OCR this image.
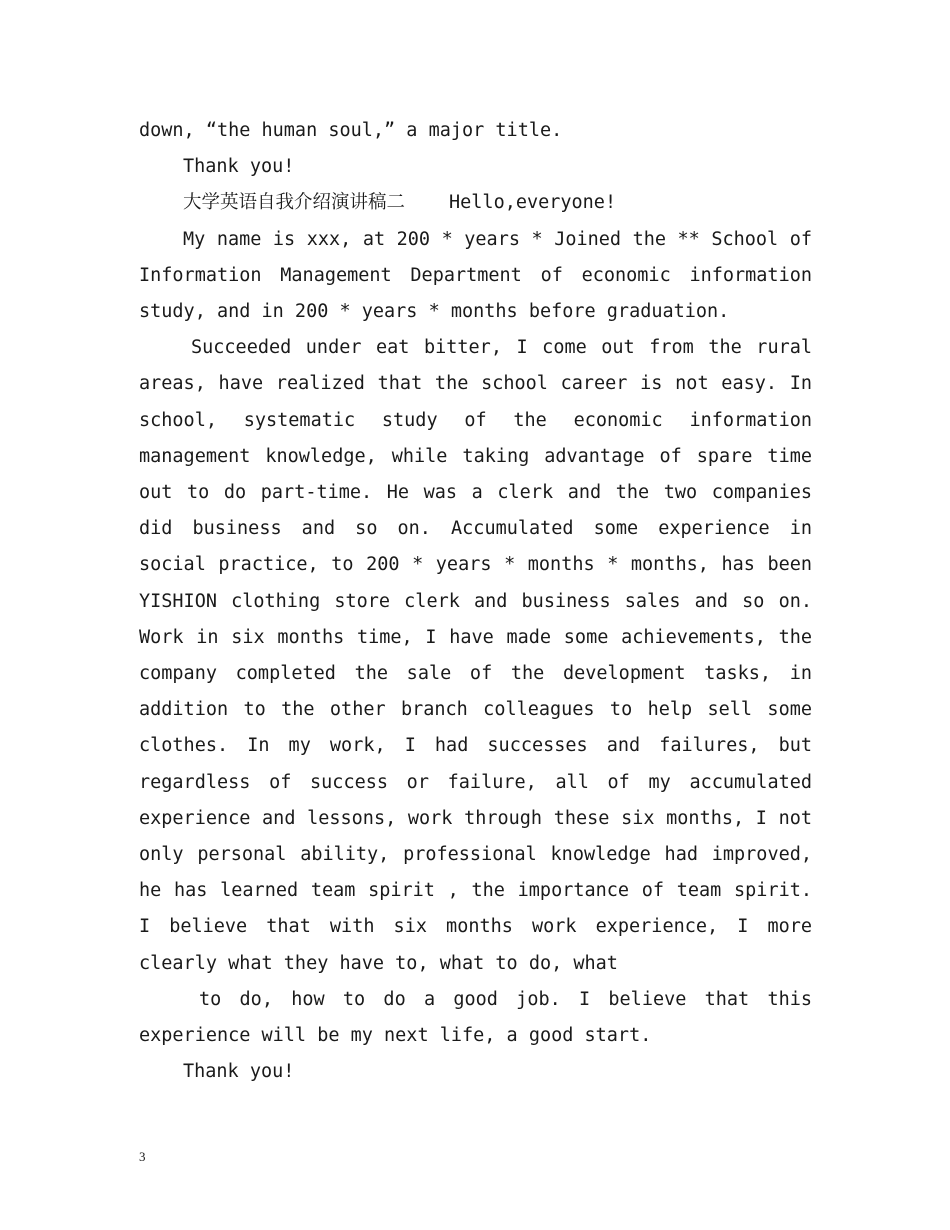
down, “the human soul,” a major title.

Thank you!

大学英语自我介绍演讲稿二 Hello,everyone!

My name is xxx, at 200 * years * Joined the ** School of Information Management Department of economic information study, and in 200 * years * months before graduation.

Succeeded under eat bitter, I come out from the rural areas, have realized that the school career is not easy. In school, systematic study of the economic information management knowledge, while taking advantage of spare time out to do part-time. He was a clerk and the two companies did business and so on. Accumulated some experience in social practice, to 200 * years * months * months, has been YISHION clothing store clerk and business sales and so on. Work in six months time, I have made some achievements, the company completed the sale of the development tasks, in addition to the other branch colleagues to help sell some clothes. In my work, I had successes and failures, but regardless of success or failure, all of my accumulated experience and lessons, work through these six months, I not only personal ability, professional knowledge had improved, he has learned team spirit , the importance of team spirit. I believe that with six months work experience, I more clearly what they have to, what to do, what

to do, how to do a good job. I believe that this experience will be my next life, a good start.

Thank you!

3
